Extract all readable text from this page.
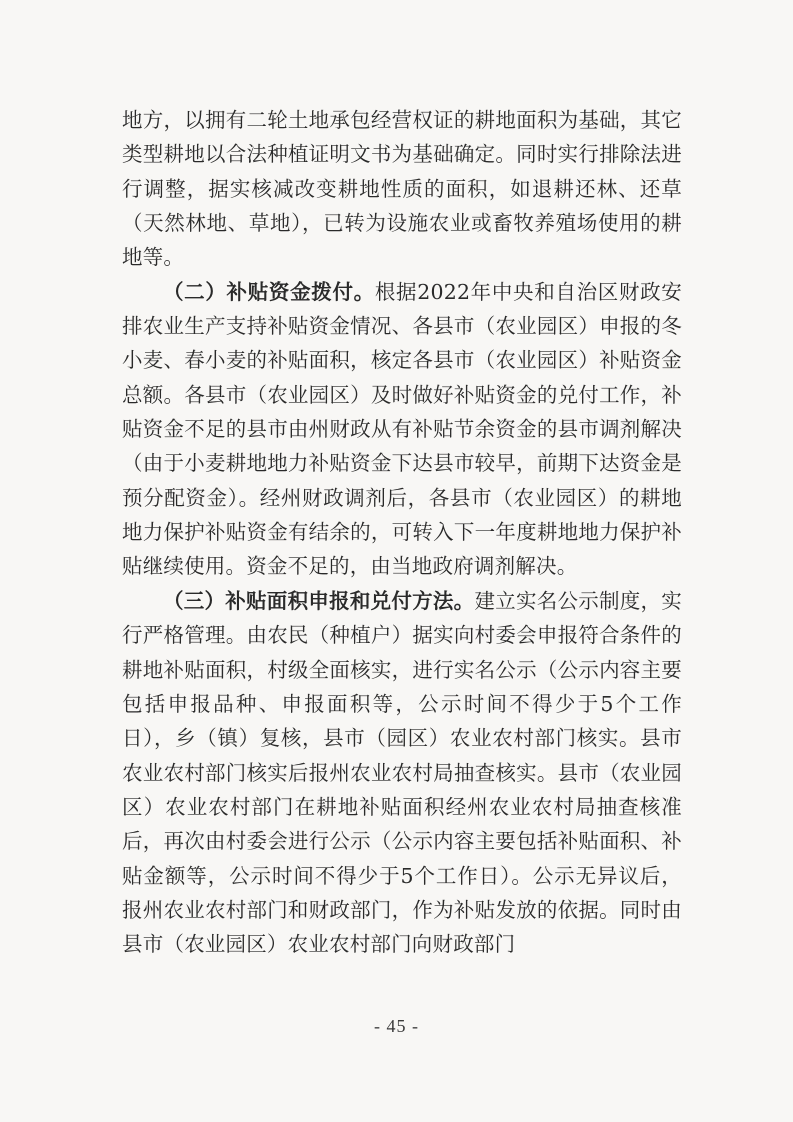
地方，以拥有二轮土地承包经营权证的耕地面积为基础，其它类型耕地以合法种植证明文书为基础确定。同时实行排除法进行调整，据实核减改变耕地性质的面积，如退耕还林、还草（天然林地、草地），已转为设施农业或畜牧养殖场使用的耕地等。

（二）补贴资金拨付。根据2022年中央和自治区财政安排农业生产支持补贴资金情况、各县市（农业园区）申报的冬小麦、春小麦的补贴面积，核定各县市（农业园区）补贴资金总额。各县市（农业园区）及时做好补贴资金的兑付工作，补贴资金不足的县市由州财政从有补贴节余资金的县市调剂解决（由于小麦耕地地力补贴资金下达县市较早，前期下达资金是预分配资金）。经州财政调剂后，各县市（农业园区）的耕地地力保护补贴资金有结余的，可转入下一年度耕地地力保护补贴继续使用。资金不足的，由当地政府调剂解决。

（三）补贴面积申报和兑付方法。建立实名公示制度，实行严格管理。由农民（种植户）据实向村委会申报符合条件的耕地补贴面积，村级全面核实，进行实名公示（公示内容主要包括申报品种、申报面积等，公示时间不得少于5个工作日），乡（镇）复核，县市（园区）农业农村部门核实。县市农业农村部门核实后报州农业农村局抽查核实。县市（农业园区）农业农村部门在耕地补贴面积经州农业农村局抽查核准后，再次由村委会进行公示（公示内容主要包括补贴面积、补贴金额等，公示时间不得少于5个工作日）。公示无异议后，报州农业农村部门和财政部门，作为补贴发放的依据。同时由县市（农业园区）农业农村部门向财政部门

- 45 -
